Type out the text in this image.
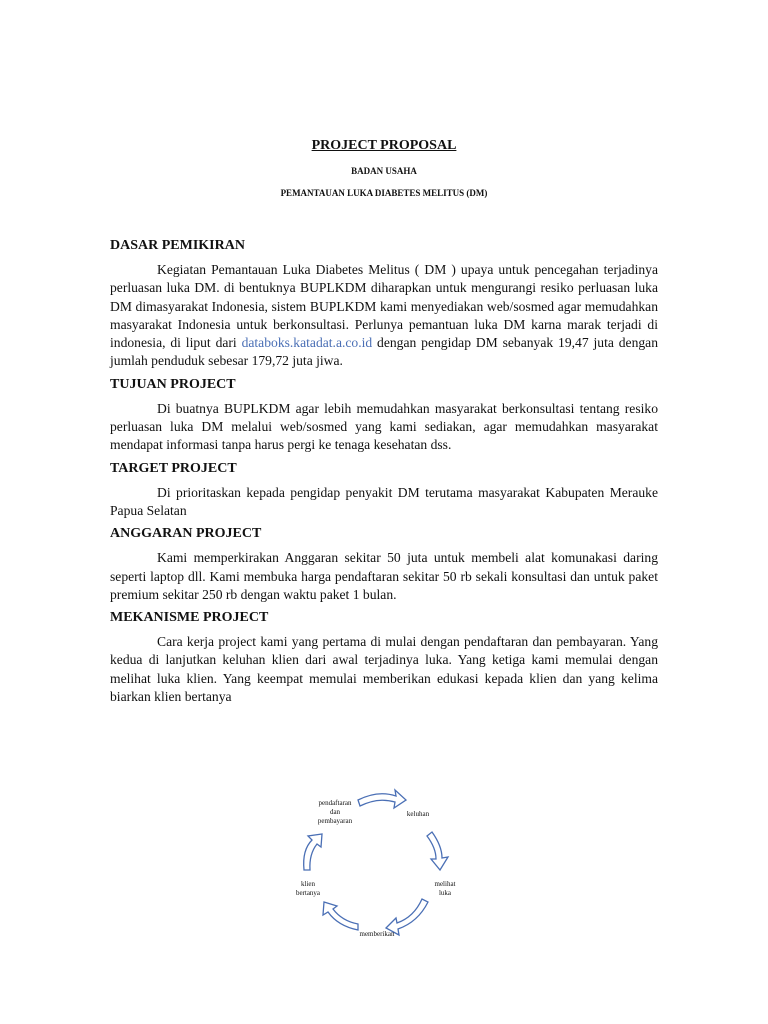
PROJECT PROPOSAL

BADAN USAHA

PEMANTAUAN LUKA DIABETES MELITUS (DM)

DASAR PEMIKIRAN

Kegiatan Pemantauan Luka Diabetes Melitus ( DM ) upaya untuk pencegahan terjadinya perluasan luka DM. di bentuknya BUPLKDM diharapkan untuk mengurangi resiko perluasan luka DM dimasyarakat Indonesia, sistem BUPLKDM kami menyediakan web/sosmed agar memudahkan masyarakat Indonesia untuk berkonsultasi. Perlunya pemantuan luka DM karna marak terjadi di indonesia, di liput dari databoks.katadat.a.co.id dengan pengidap DM sebanyak 19,47 juta dengan jumlah penduduk sebesar 179,72 juta jiwa.

TUJUAN PROJECT

Di buatnya BUPLKDM agar lebih memudahkan masyarakat berkonsultasi tentang resiko perluasan luka DM melalui web/sosmed yang kami sediakan, agar memudahkan masyarakat mendapat informasi tanpa harus pergi ke tenaga kesehatan dss.

TARGET PROJECT

Di prioritaskan kepada pengidap penyakit DM terutama masyarakat Kabupaten Merauke Papua Selatan

ANGGARAN PROJECT

Kami memperkirakan Anggaran sekitar 50 juta untuk membeli alat komunakasi daring seperti laptop dll. Kami membuka harga pendaftaran sekitar 50 rb sekali konsultasi dan untuk paket premium sekitar 250 rb dengan waktu paket 1 bulan.

MEKANISME PROJECT

Cara kerja project kami yang pertama di mulai dengan pendaftaran dan pembayaran. Yang kedua di lanjutkan keluhan klien dari awal terjadinya luka. Yang ketiga kami memulai dengan melihat luka klien. Yang keempat memulai memberikan edukasi kepada klien dan yang kelima biarkan klien bertanya

pendaftaran
dan
pembayaran
keluhan
melihat
luka
memberikan
klien
bertanya
